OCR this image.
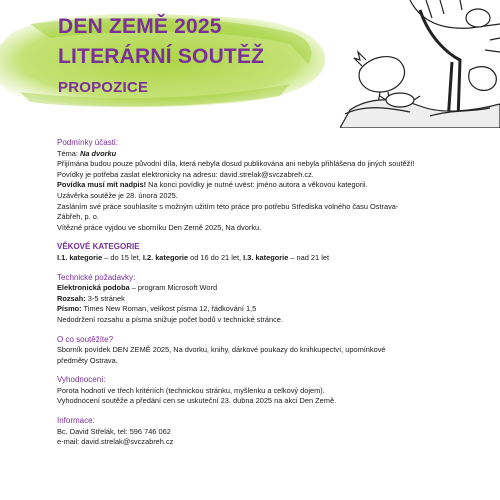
DEN ZEMĚ 2025
LITERÁRNÍ SOUTĚŽ
PROPOZICE
Podmínky účasti:
Téma: Na dvorku
Přijímána budou pouze původní díla, která nebyla dosud publikována ani nebyla přihlášena do jiných soutěží!
Povídky je potřeba zaslat elektronicky na adresu: david.strelak@svczabreh.cz.
Povídka musí mít nadpis! Na konci povídky je nutné uvést: jméno autora a věkovou kategorii.
Uzávěrka soutěže je 28. února 2025.
Zasláním své práce souhlasíte s možným užitím této práce pro potřebu Střediska volného času Ostrava-
Zábřeh, p. o.
Vítězné práce vyjdou ve sborníku Den Země 2025, Na dvorku.
VĚKOVÉ KATEGORIE
I.1. kategorie – do 15 let, I.2. kategorie od 16 do 21 let, I.3. kategorie – nad 21 let
Technické požadavky:
Elektronická podoba – program Microsoft Word
Rozsah: 3-5 stránek
Písmo: Times New Roman, velikost písma 12, řádkování 1,5
Nedodržení rozsahu a písma snižuje počet bodů v technické stránce.
O co soutěžíte?
Sborník povídek DEN ZEMĚ 2025, Na dvorku, knihy, dárkové poukazy do knihkupectví, upomínkové
předměty Ostrava.
Vyhodnocení:
Porota hodnotí ve třech kritériích (technickou stránku, myšlenku a celkový dojem).
Vyhodnocení soutěže a předání cen se uskuteční 23. dubna 2025 na akci Den Země.
Informace:
Bc. David Střelák, tel: 596 746 062
e-mail: david.strelak@svczabreh.cz
